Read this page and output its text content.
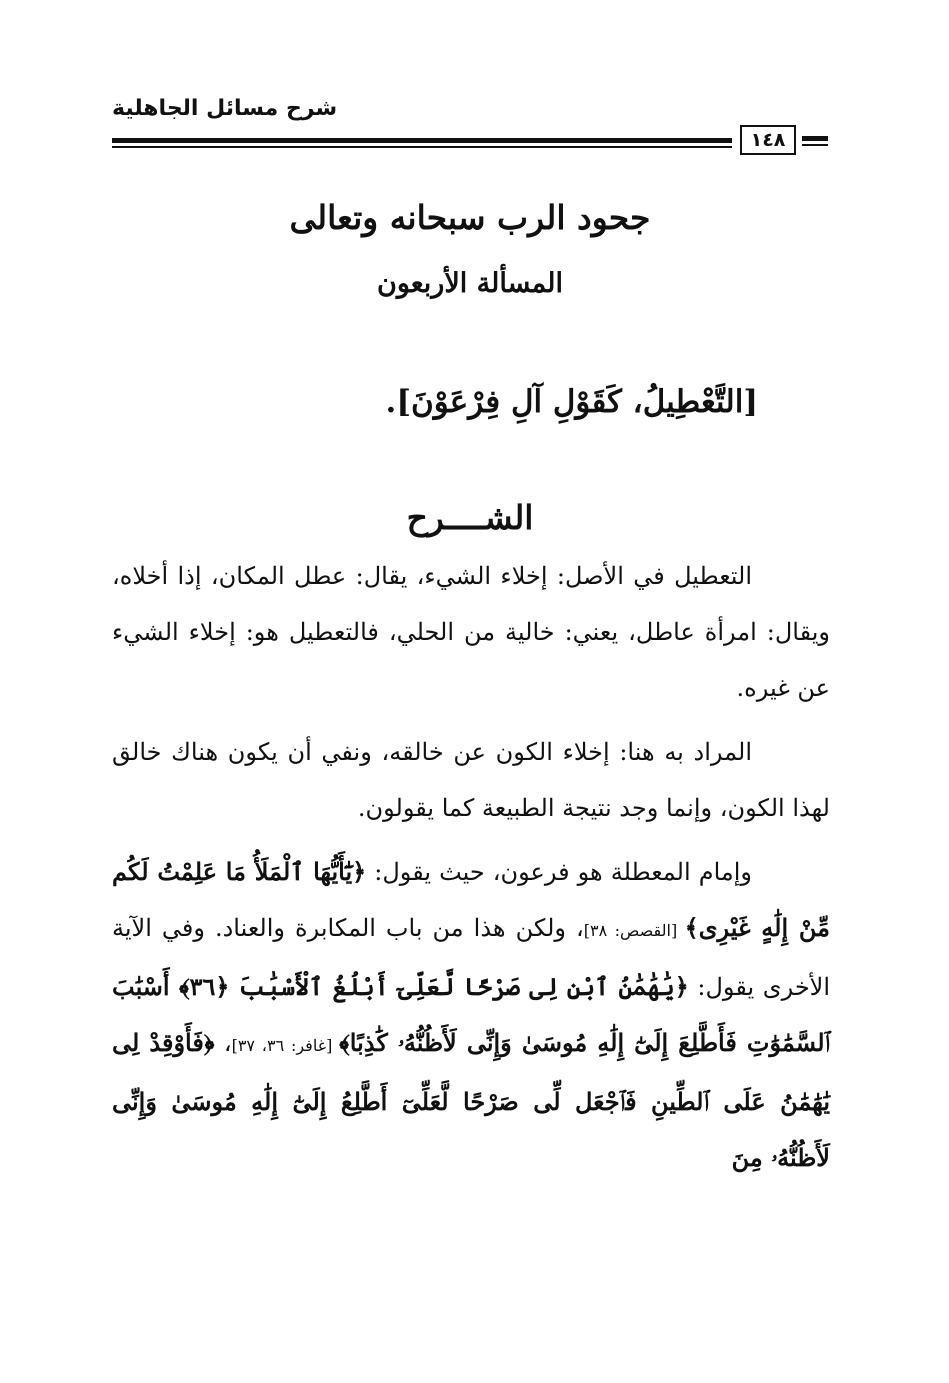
شرح مسائل الجاهلية
١٤٨
جحود الرب سبحانه وتعالى
المسألة الأربعون
[التَّعْطِيلُ، كَقَوْلِ آلِ فِرْعَوْنَ].
الشــــرح

التعطيل في الأصل: إخلاء الشيء، يقال: عطل المكان، إذا أخلاه، ويقال: امرأة عاطل، يعني: خالية من الحلي، فالتعطيل هو: إخلاء الشيء عن غيره.

المراد به هنا: إخلاء الكون عن خالقه، ونفي أن يكون هناك خالق لهذا الكون، وإنما وجد نتيجة الطبيعة كما يقولون.

وإمام المعطلة هو فرعون، حيث يقول: ﴿يَٰٓأَيُّهَا ٱلْمَلَأُ مَا عَلِمْتُ لَكُم مِّنْ إِلَٰهٍ غَيْرِى﴾ [القصص: ٣٨]، ولكن هذا من باب المكابرة والعناد. وفي الآية الأخرى يقول: ﴿يَٰهَٰمَٰنُ ٱبْنِ لِى صَرْحًا لَّعَلِّىٓ أَبْلُغُ ٱلْأَسْبَٰبَ ﴿٣٦﴾ أَسْبَٰبَ ٱلسَّمَٰوَٰتِ فَأَطَّلِعَ إِلَىٰٓ إِلَٰهِ مُوسَىٰ وَإِنِّى لَأَظُنُّهُۥ كَٰذِبًا﴾ [غافر: ٣٦، ٣٧]، ﴿فَأَوْقِدْ لِى يَٰهَٰمَٰنُ عَلَى ٱلطِّينِ فَٱجْعَل لِّى صَرْحًا لَّعَلِّىٓ أَطَّلِعُ إِلَىٰٓ إِلَٰهِ مُوسَىٰ وَإِنِّى لَأَظُنُّهُۥ مِنَ
